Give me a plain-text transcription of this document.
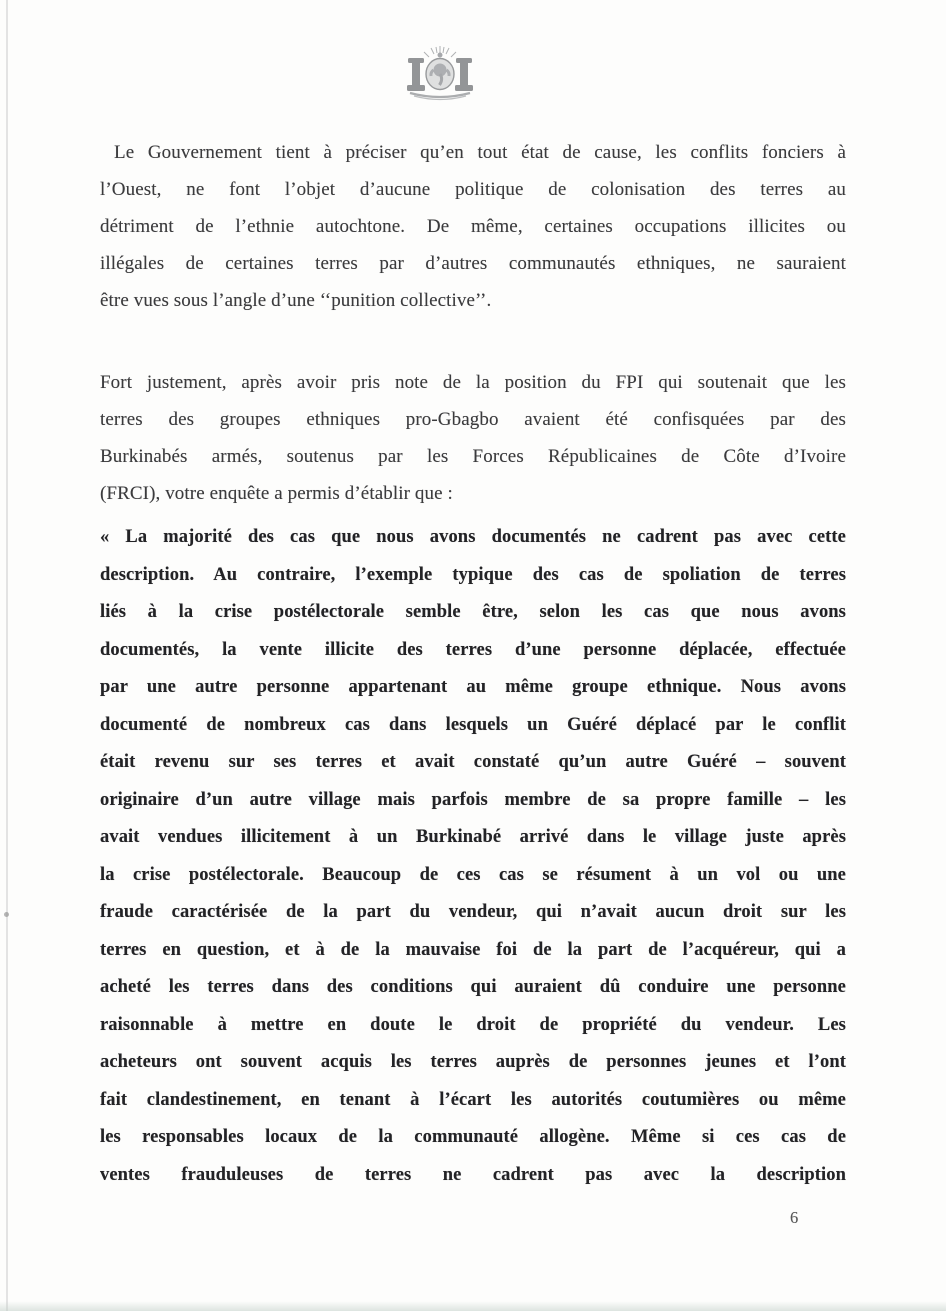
Le Gouvernement tient à préciser qu’en tout état de cause, les conflits fonciers à
l’Ouest, ne font l’objet d’aucune politique de colonisation des terres au
détriment de l’ethnie autochtone. De même, certaines occupations illicites ou
illégales de certaines terres par d’autres communautés ethniques, ne sauraient
être vues sous l’angle d’une ‘‘punition collective’’.
Fort justement, après avoir pris note de la position du FPI qui soutenait que les
terres des groupes ethniques pro-Gbagbo avaient été confisquées par des
Burkinabés armés, soutenus par les Forces Républicaines de Côte d’Ivoire
(FRCI), votre enquête a permis d’établir que :
« La majorité des cas que nous avons documentés ne cadrent pas avec cette
description. Au contraire, l’exemple typique des cas de spoliation de terres
liés à la crise postélectorale semble être, selon les cas que nous avons
documentés, la vente illicite des terres d’une personne déplacée, effectuée
par une autre personne appartenant au même groupe ethnique. Nous avons
documenté de nombreux cas dans lesquels un Guéré déplacé par le conflit
était revenu sur ses terres et avait constaté qu’un autre Guéré – souvent
originaire d’un autre village mais parfois membre de sa propre famille – les
avait vendues illicitement à un Burkinabé arrivé dans le village juste après
la crise postélectorale. Beaucoup de ces cas se résument à un vol ou une
fraude caractérisée de la part du vendeur, qui n’avait aucun droit sur les
terres en question, et à de la mauvaise foi de la part de l’acquéreur, qui a
acheté les terres dans des conditions qui auraient dû conduire une personne
raisonnable à mettre en doute le droit de propriété du vendeur. Les
acheteurs ont souvent acquis les terres auprès de personnes jeunes et l’ont
fait clandestinement, en tenant à l’écart les autorités coutumières ou même
les responsables locaux de la communauté allogène. Même si ces cas de
ventes frauduleuses de terres ne cadrent pas avec la description
6
